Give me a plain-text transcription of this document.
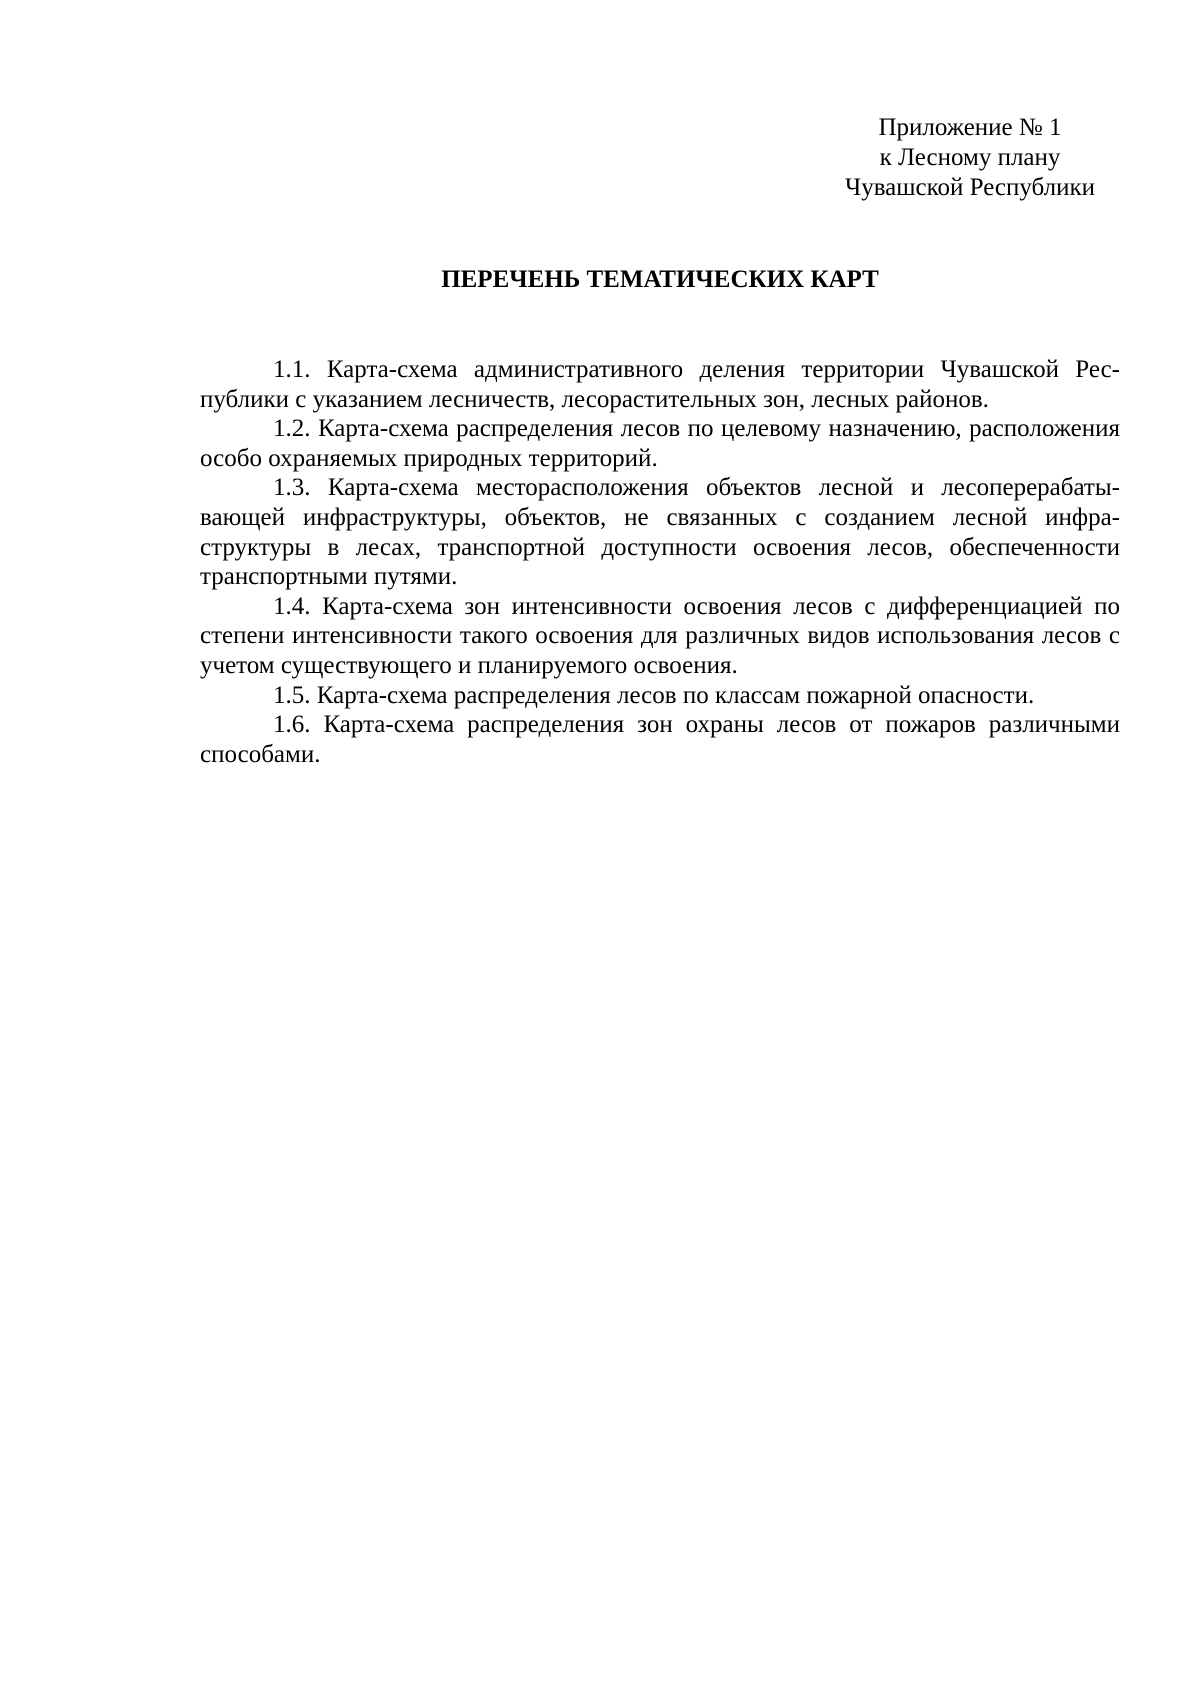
Приложение № 1
к Лесному плану
Чувашской Республики
ПЕРЕЧЕНЬ ТЕМАТИЧЕСКИХ КАРТ

1.1. Карта-схема административного деления территории Чувашской Республики с указанием лесничеств, лесорастительных зон, лесных районов.

1.2. Карта-схема распределения лесов по целевому назначению, расположения особо охраняемых природных территорий.

1.3. Карта-схема месторасположения объектов лесной и лесоперерабатывающей инфраструктуры, объектов, не связанных с созданием лесной инфраструктуры в лесах, транспортной доступности освоения лесов, обеспеченности транспортными путями.

1.4. Карта-схема зон интенсивности освоения лесов с дифференциацией по степени интенсивности такого освоения для различных видов использования лесов с учетом существующего и планируемого освоения.

1.5. Карта-схема распределения лесов по классам пожарной опасности.

1.6. Карта-схема распределения зон охраны лесов от пожаров различными способами.
